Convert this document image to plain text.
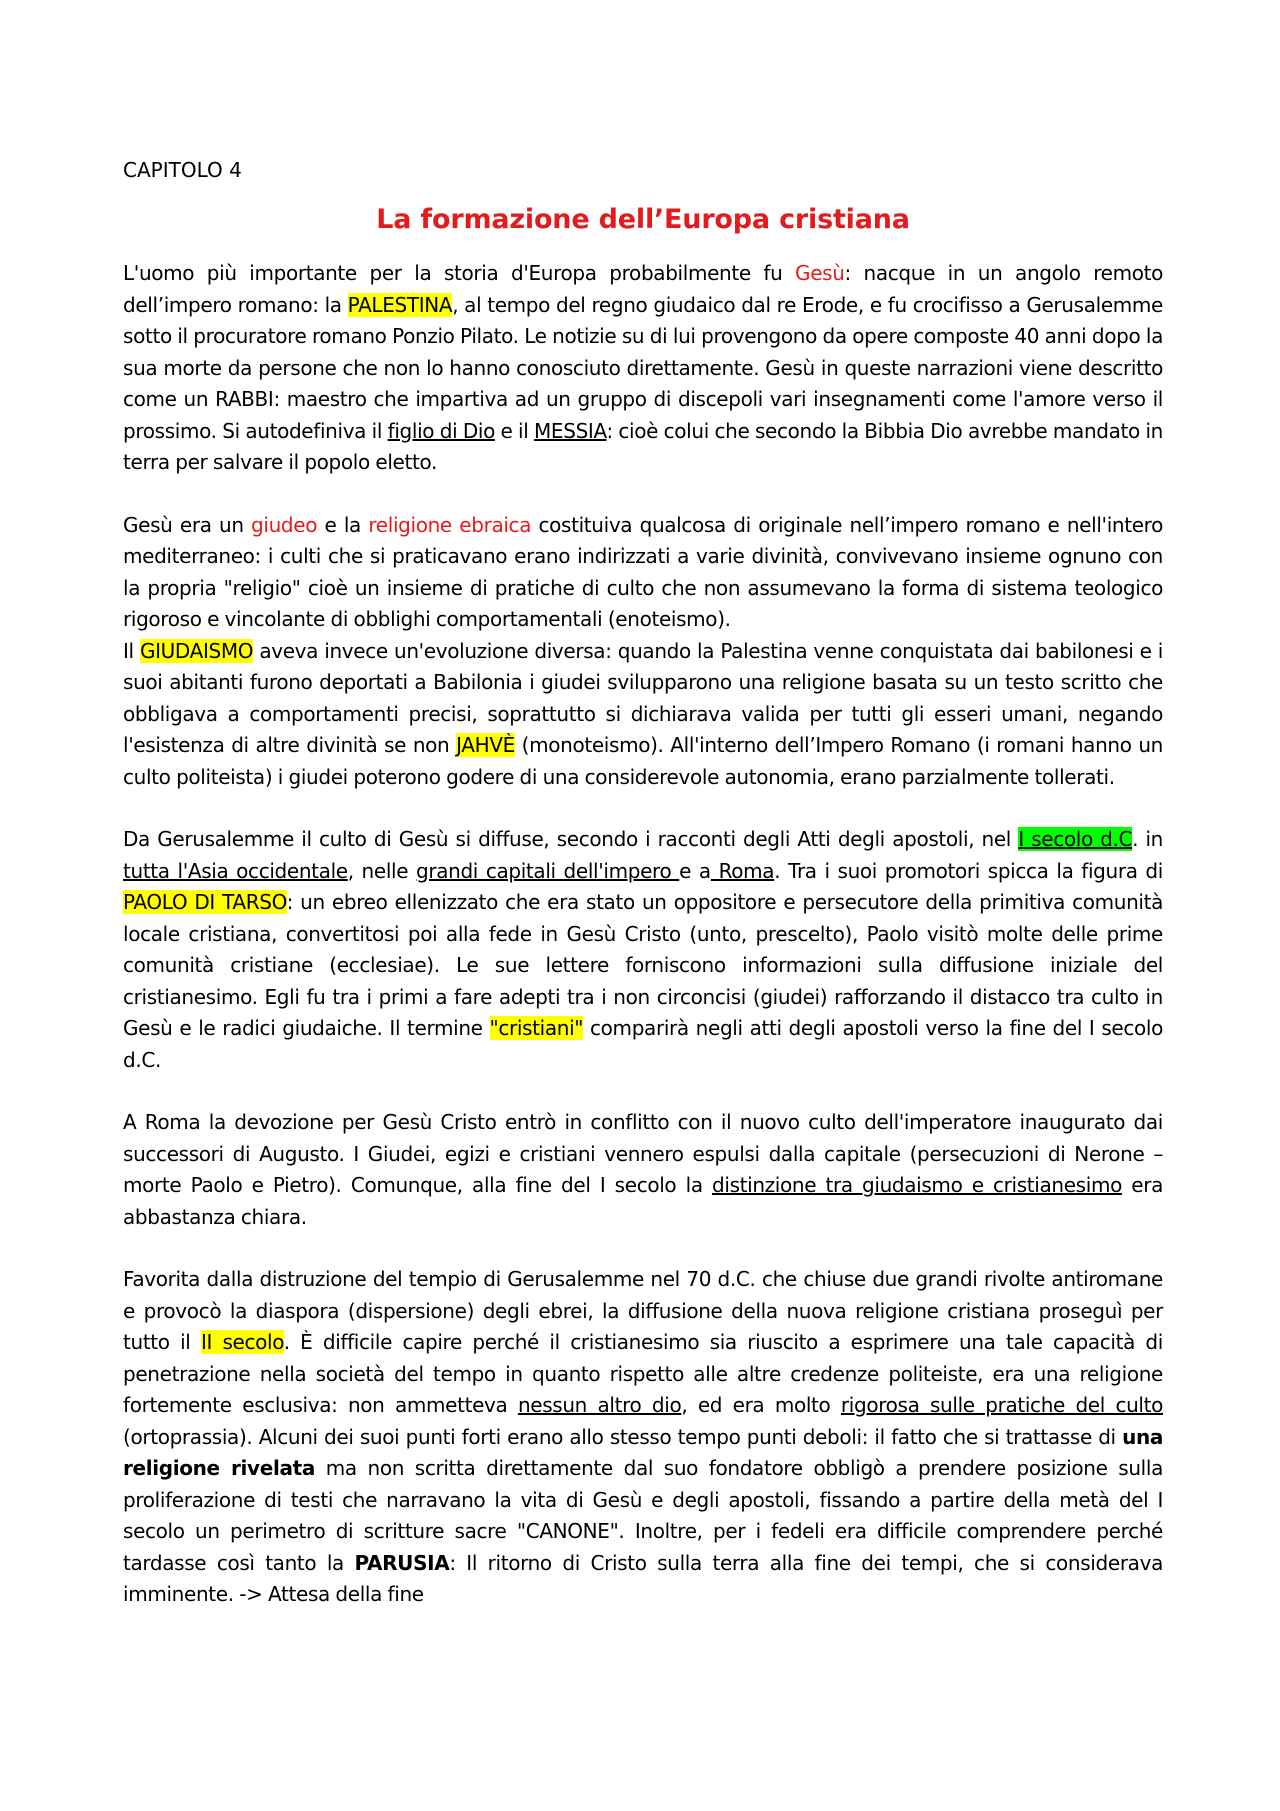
CAPITOLO 4
La formazione dell’Europa cristiana

L'uomo più importante per la storia d'Europa probabilmente fu Gesù: nacque in un angolo remoto dell’impero romano: la PALESTINA, al tempo del regno giudaico dal re Erode, e fu crocifisso a Gerusalemme sotto il procuratore romano Ponzio Pilato. Le notizie su di lui provengono da opere composte 40 anni dopo la sua morte da persone che non lo hanno conosciuto direttamente. Gesù in queste narrazioni viene descritto come un RABBI: maestro che impartiva ad un gruppo di discepoli vari insegnamenti come l'amore verso il prossimo. Si autodefiniva il figlio di Dio e il MESSIA: cioè colui che secondo la Bibbia Dio avrebbe mandato in terra per salvare il popolo eletto.

Gesù era un giudeo e la religione ebraica costituiva qualcosa di originale nell’impero romano e nell'intero mediterraneo: i culti che si praticavano erano indirizzati a varie divinità, convivevano insieme ognuno con la propria "religio" cioè un insieme di pratiche di culto che non assumevano la forma di sistema teologico rigoroso e vincolante di obblighi comportamentali (enoteismo).

Il GIUDAISMO aveva invece un'evoluzione diversa: quando la Palestina venne conquistata dai babilonesi e i suoi abitanti furono deportati a Babilonia i giudei svilupparono una religione basata su un testo scritto che obbligava a comportamenti precisi, soprattutto si dichiarava valida per tutti gli esseri umani, negando l'esistenza di altre divinità se non JAHVÈ (monoteismo). All'interno dell’Impero Romano (i romani hanno un culto politeista) i giudei poterono godere di una considerevole autonomia, erano parzialmente tollerati.

Da Gerusalemme il culto di Gesù si diffuse, secondo i racconti degli Atti degli apostoli, nel I secolo d.C. in tutta l'Asia occidentale, nelle grandi capitali dell'impero e a Roma. Tra i suoi promotori spicca la figura di PAOLO DI TARSO: un ebreo ellenizzato che era stato un oppositore e persecutore della primitiva comunità locale cristiana, convertitosi poi alla fede in Gesù Cristo (unto, prescelto), Paolo visitò molte delle prime comunità cristiane (ecclesiae). Le sue lettere forniscono informazioni sulla diffusione iniziale del cristianesimo. Egli fu tra i primi a fare adepti tra i non circoncisi (giudei) rafforzando il distacco tra culto in Gesù e le radici giudaiche. Il termine "cristiani" comparirà negli atti degli apostoli verso la fine del I secolo d.C.

A Roma la devozione per Gesù Cristo entrò in conflitto con il nuovo culto dell'imperatore inaugurato dai successori di Augusto. I Giudei, egizi e cristiani vennero espulsi dalla capitale (persecuzioni di Nerone – morte Paolo e Pietro). Comunque, alla fine del I secolo la distinzione tra giudaismo e cristianesimo era abbastanza chiara.

Favorita dalla distruzione del tempio di Gerusalemme nel 70 d.C. che chiuse due grandi rivolte antiromane e provocò la diaspora (dispersione) degli ebrei, la diffusione della nuova religione cristiana proseguì per tutto il II secolo. È difficile capire perché il cristianesimo sia riuscito a esprimere una tale capacità di penetrazione nella società del tempo in quanto rispetto alle altre credenze politeiste, era una religione fortemente esclusiva: non ammetteva nessun altro dio, ed era molto rigorosa sulle pratiche del culto (ortoprassia). Alcuni dei suoi punti forti erano allo stesso tempo punti deboli: il fatto che si trattasse di una religione rivelata ma non scritta direttamente dal suo fondatore obbligò a prendere posizione sulla proliferazione di testi che narravano la vita di Gesù e degli apostoli, fissando a partire della metà del I secolo un perimetro di scritture sacre "CANONE". Inoltre, per i fedeli era difficile comprendere perché tardasse così tanto la PARUSIA: Il ritorno di Cristo sulla terra alla fine dei tempi, che si considerava imminente. -> Attesa della fine
